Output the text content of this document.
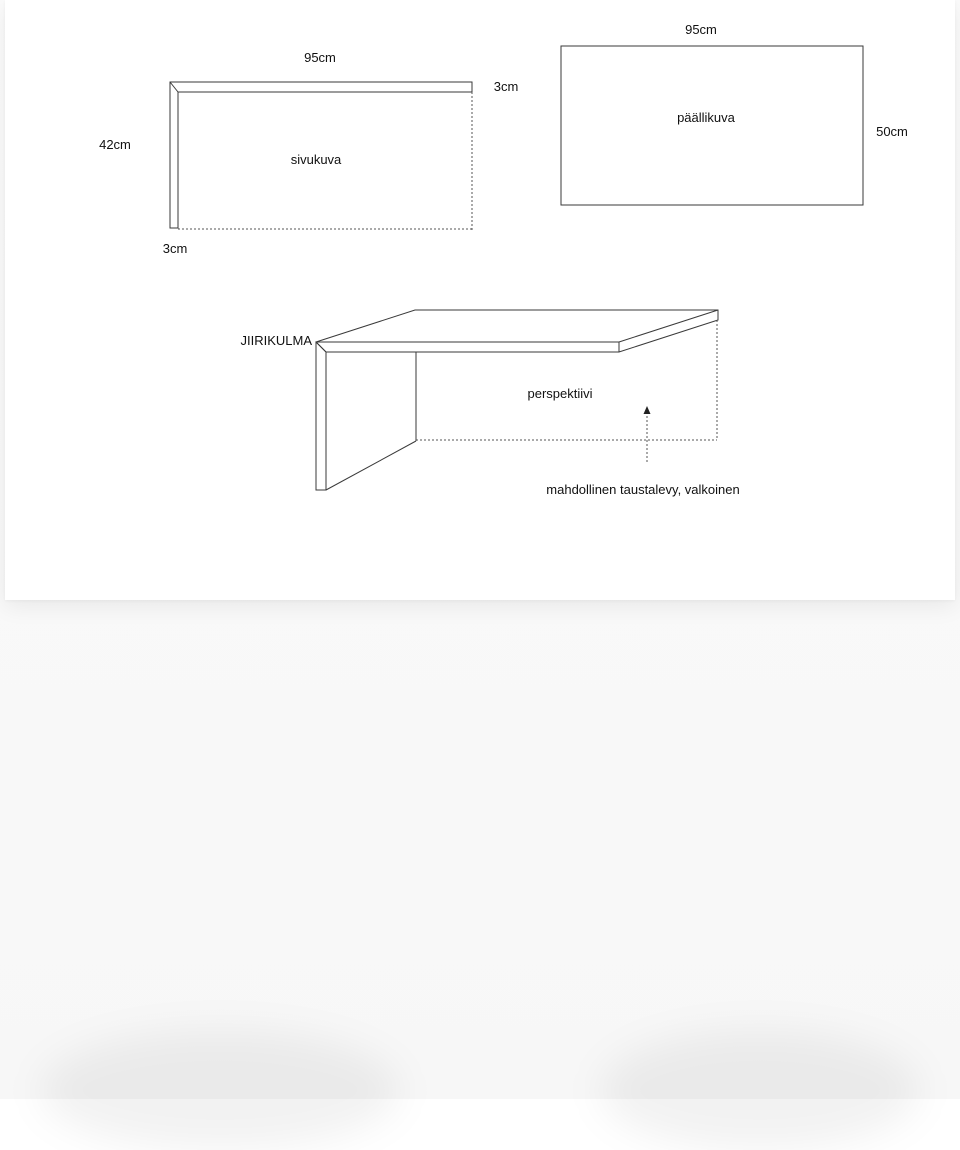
95cm
42cm
3cm
3cm
sivukuva
95cm
50cm
päällikuva
JIIRIKULMA
perspektiivi
mahdollinen taustalevy, valkoinen
